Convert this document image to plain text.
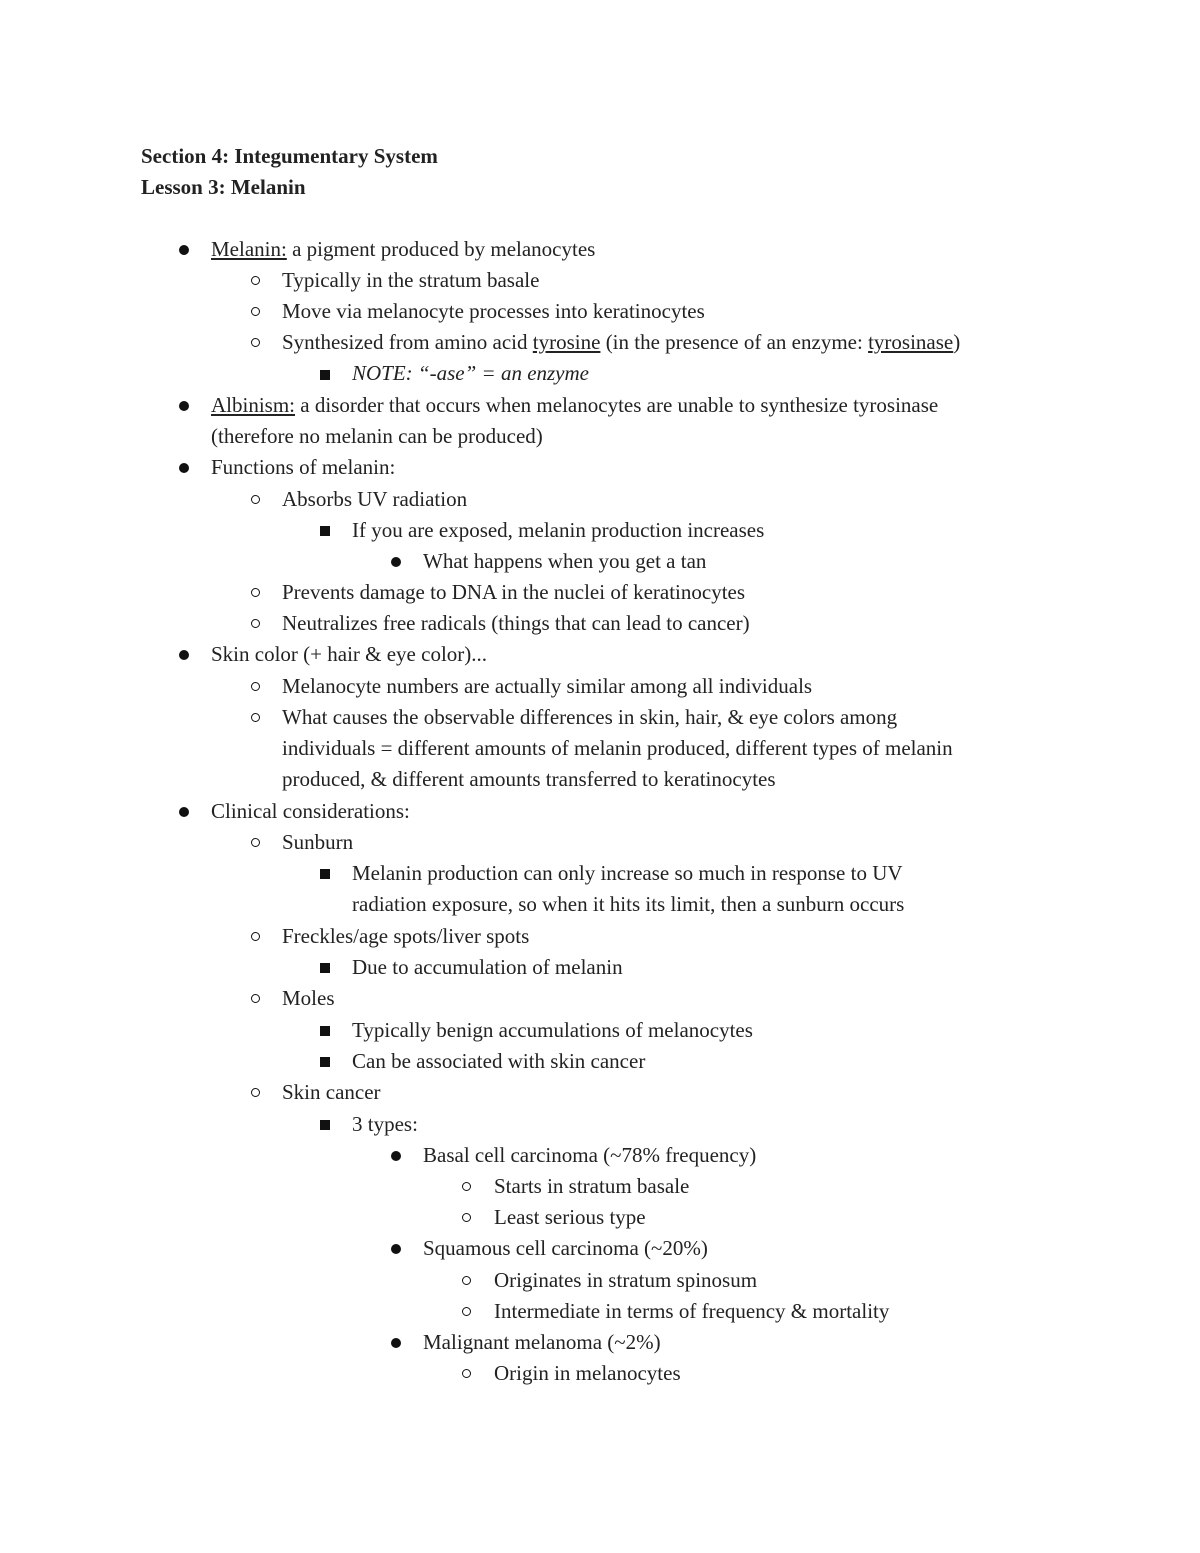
Section 4: Integumentary System
Lesson 3: Melanin
Melanin: a pigment produced by melanocytes
Typically in the stratum basale
Move via melanocyte processes into keratinocytes
Synthesized from amino acid tyrosine (in the presence of an enzyme: tyrosinase)
NOTE: “-ase” = an enzyme
Albinism: a disorder that occurs when melanocytes are unable to synthesize tyrosinase
(therefore no melanin can be produced)
Functions of melanin:
Absorbs UV radiation
If you are exposed, melanin production increases
What happens when you get a tan
Prevents damage to DNA in the nuclei of keratinocytes
Neutralizes free radicals (things that can lead to cancer)
Skin color (+ hair & eye color)...
Melanocyte numbers are actually similar among all individuals
What causes the observable differences in skin, hair, & eye colors among
individuals = different amounts of melanin produced, different types of melanin
produced, & different amounts transferred to keratinocytes
Clinical considerations:
Sunburn
Melanin production can only increase so much in response to UV
radiation exposure, so when it hits its limit, then a sunburn occurs
Freckles/age spots/liver spots
Due to accumulation of melanin
Moles
Typically benign accumulations of melanocytes
Can be associated with skin cancer
Skin cancer
3 types:
Basal cell carcinoma (~78% frequency)
Starts in stratum basale
Least serious type
Squamous cell carcinoma (~20%)
Originates in stratum spinosum
Intermediate in terms of frequency & mortality
Malignant melanoma (~2%)
Origin in melanocytes
